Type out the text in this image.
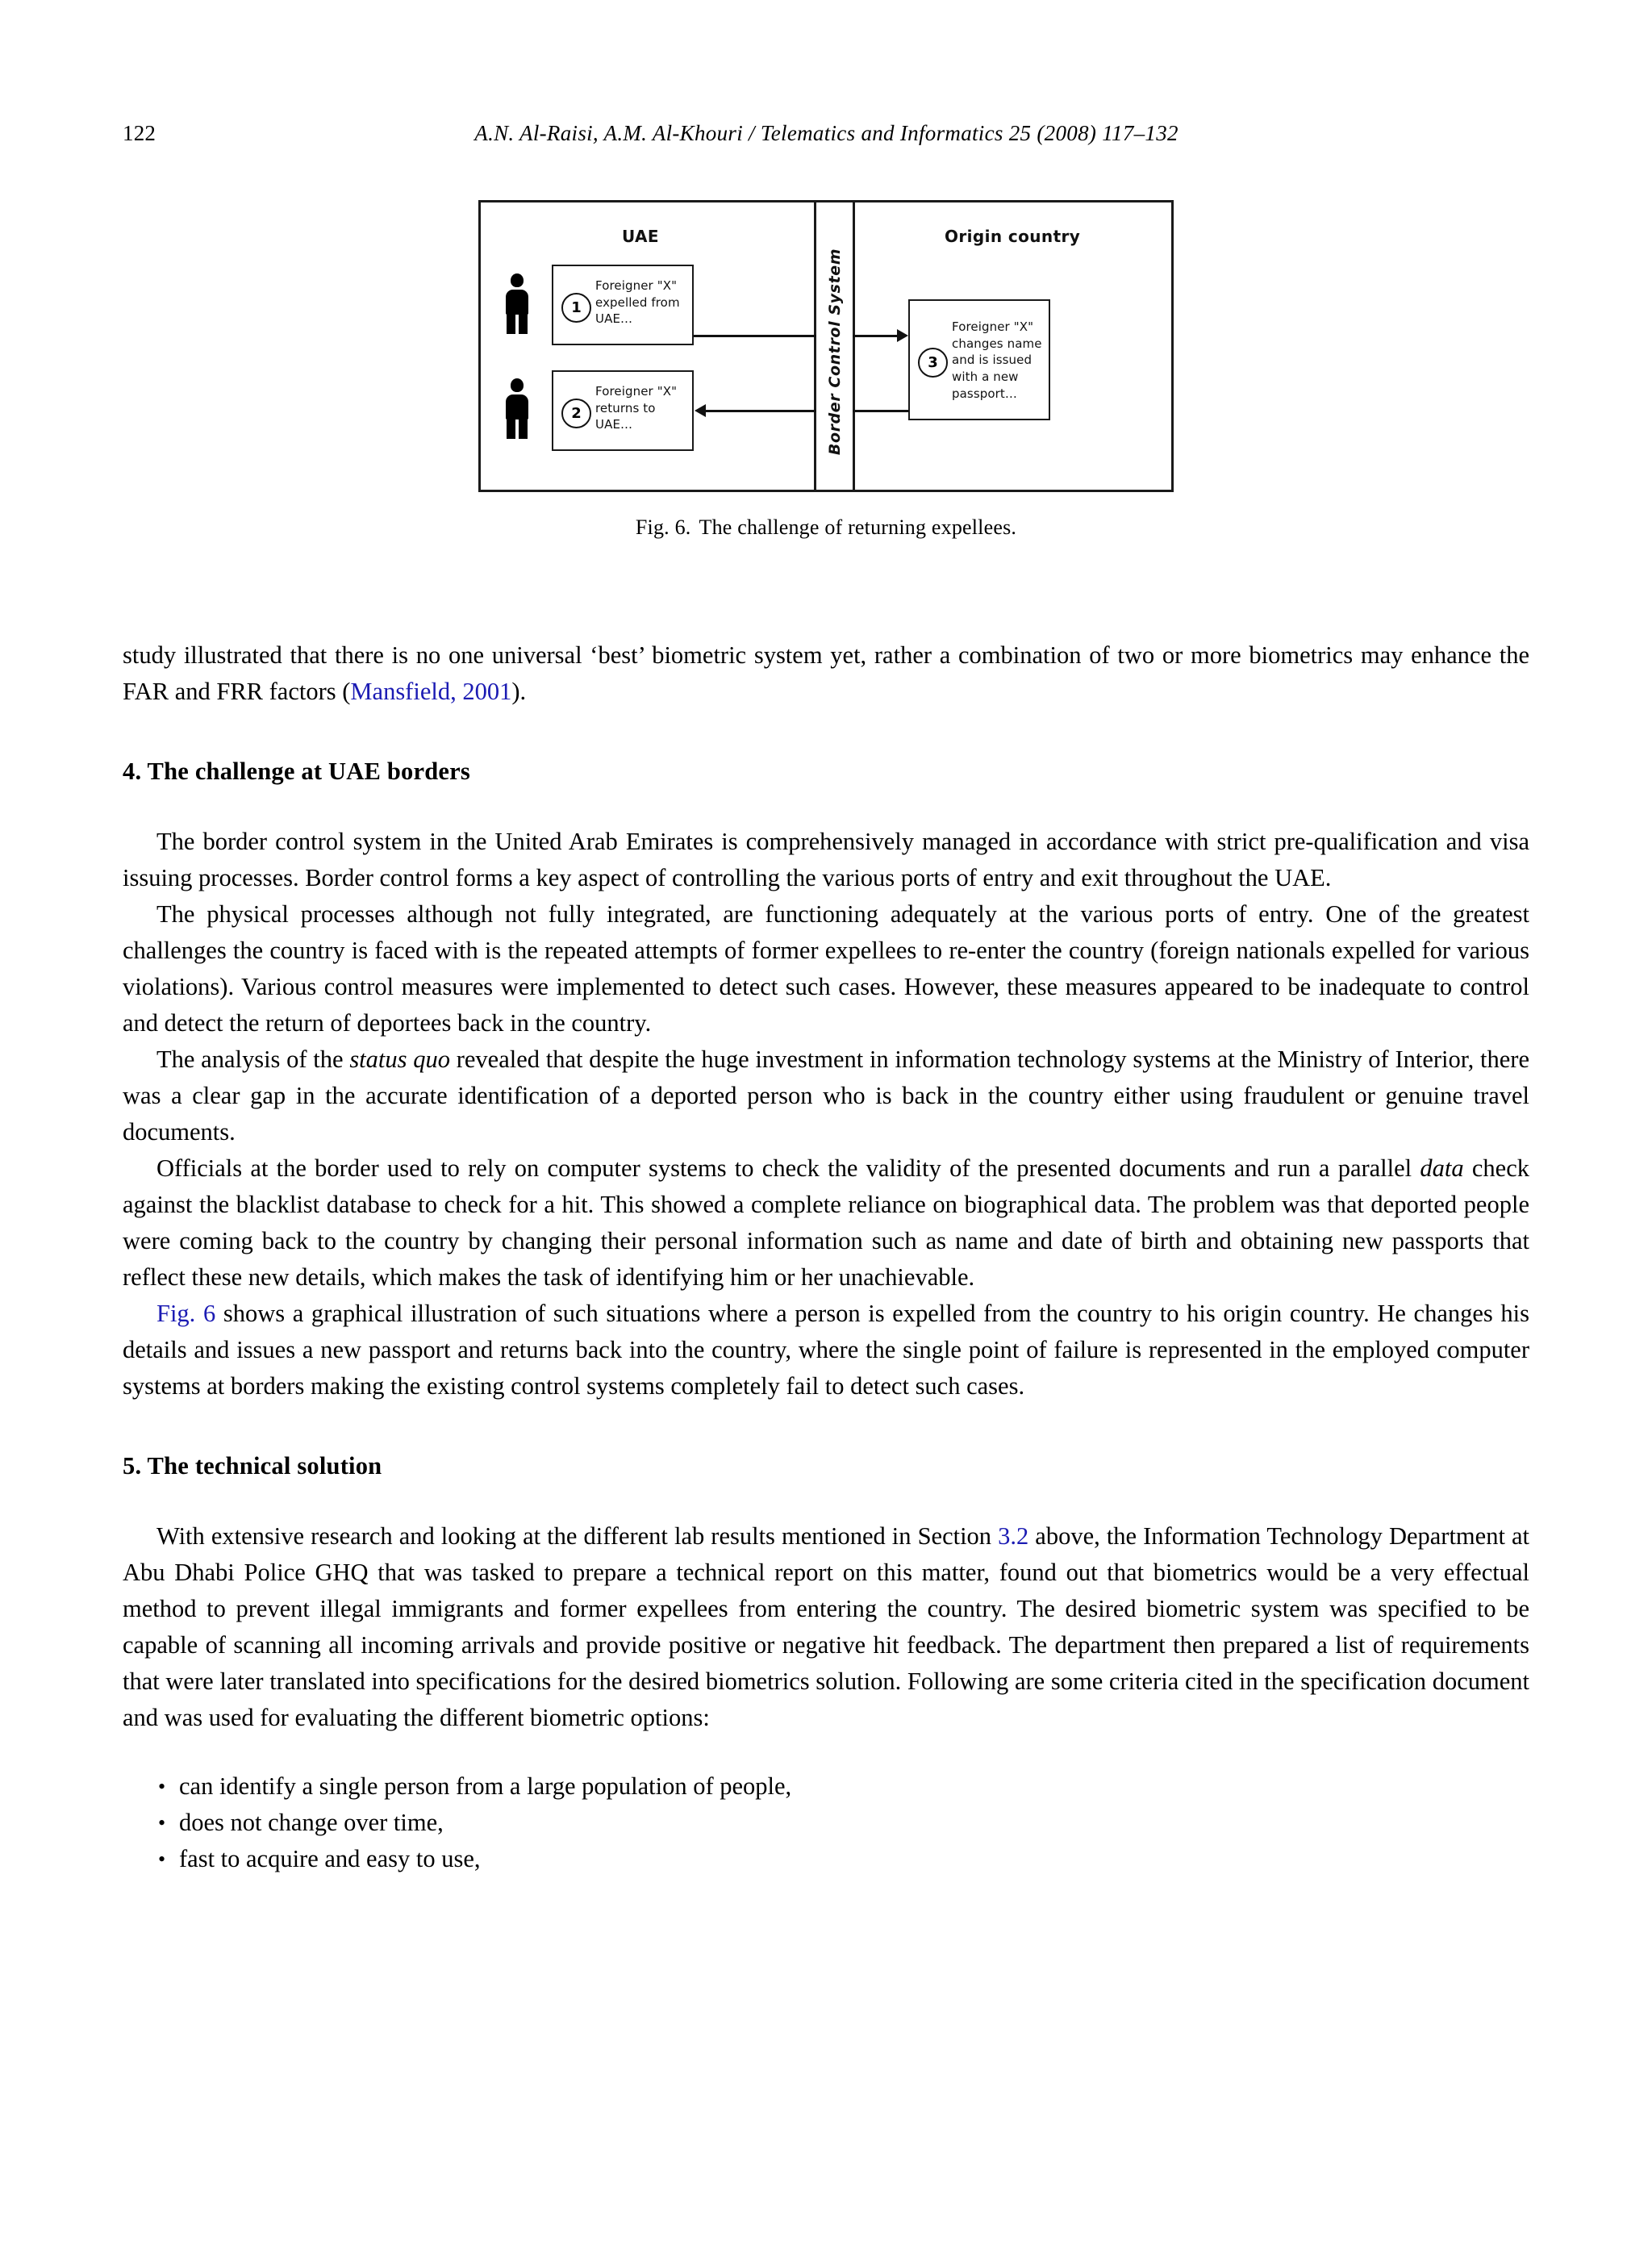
122	A.N. Al-Raisi, A.M. Al-Khouri / Telematics and Informatics 25 (2008) 117–132
UAE	Origin country
Border Control System
1
Foreigner "X" expelled from UAE…
2
Foreigner "X" returns to UAE…
3
Foreigner "X" changes name and is issued with a new passport…
Fig. 6. The challenge of returning expellees.

study illustrated that there is no one universal ‘best’ biometric system yet, rather a combination of two or more biometrics may enhance the FAR and FRR factors (Mansfield, 2001).

4. The challenge at UAE borders

The border control system in the United Arab Emirates is comprehensively managed in accordance with strict pre-qualification and visa issuing processes. Border control forms a key aspect of controlling the various ports of entry and exit throughout the UAE.

The physical processes although not fully integrated, are functioning adequately at the various ports of entry. One of the greatest challenges the country is faced with is the repeated attempts of former expellees to re-enter the country (foreign nationals expelled for various violations). Various control measures were implemented to detect such cases. However, these measures appeared to be inadequate to control and detect the return of deportees back in the country.

The analysis of the status quo revealed that despite the huge investment in information technology systems at the Ministry of Interior, there was a clear gap in the accurate identification of a deported person who is back in the country either using fraudulent or genuine travel documents.

Officials at the border used to rely on computer systems to check the validity of the presented documents and run a parallel data check against the blacklist database to check for a hit. This showed a complete reliance on biographical data. The problem was that deported people were coming back to the country by changing their personal information such as name and date of birth and obtaining new passports that reflect these new details, which makes the task of identifying him or her unachievable.

Fig. 6 shows a graphical illustration of such situations where a person is expelled from the country to his origin country. He changes his details and issues a new passport and returns back into the country, where the single point of failure is represented in the employed computer systems at borders making the existing control systems completely fail to detect such cases.

5. The technical solution

With extensive research and looking at the different lab results mentioned in Section 3.2 above, the Information Technology Department at Abu Dhabi Police GHQ that was tasked to prepare a technical report on this matter, found out that biometrics would be a very effectual method to prevent illegal immigrants and former expellees from entering the country. The desired biometric system was specified to be capable of scanning all incoming arrivals and provide positive or negative hit feedback. The department then prepared a list of requirements that were later translated into specifications for the desired biometrics solution. Following are some criteria cited in the specification document and was used for evaluating the different biometric options:

• can identify a single person from a large population of people,
• does not change over time,
• fast to acquire and easy to use,
